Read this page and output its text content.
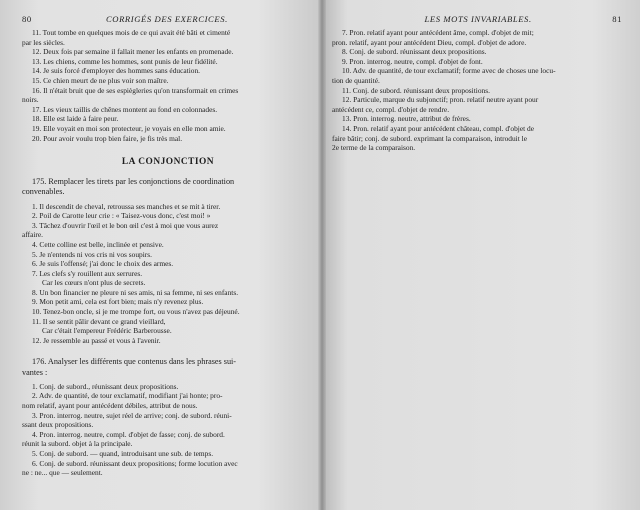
80	CORRIGÉS DES EXERCICES.
11. Tout tombe en quelques mois de ce qui avait été bâti et cimenté
par les siècles.
12. Deux fois par semaine il fallait mener les enfants en promenade.
13. Les chiens, comme les hommes, sont punis de leur fidélité.
14. Je suis forcé d'employer des hommes sans éducation.
15. Ce chien meurt de ne plus voir son maître.
16. Il n'était bruit que de ses espiègleries qu'on transformait en crimes
noirs.
17. Les vieux taillis de chênes montent au fond en colonnades.
18. Elle est laide à faire peur.
19. Elle voyait en moi son protecteur, je voyais en elle mon amie.
20. Pour avoir voulu trop bien faire, je fis très mal.
LA CONJONCTION
175. Remplacer les tirets par les conjonctions de coordination
convenables.
1. Il descendit de cheval, retroussa ses manches et se mit à tirer.
2. Poil de Carotte leur crie : « Taisez-vous donc, c'est moi! »
3. Tâchez d'ouvrir l'œil et le bon œil c'est à moi que vous aurez
affaire.
4. Cette colline est belle, inclinée et pensive.
5. Je n'entends ni vos cris ni vos soupirs.
6. Je suis l'offensé; j'ai donc le choix des armes.
7. Les clefs s'y rouillent aux serrures.
Car les cœurs n'ont plus de secrets.
8. Un bon financier ne pleure ni ses amis, ni sa femme, ni ses enfants.
9. Mon petit ami, cela est fort bien; mais n'y revenez plus.
10. Tenez-bon oncle, si je me trompe fort, ou vous n'avez pas déjeuné.
11. Il se sentit pâlir devant ce grand vieillard,
Car c'était l'empereur Frédéric Barberousse.
12. Je ressemble au passé et vous à l'avenir.
176. Analyser les différents que contenus dans les phrases sui-
vantes :
1. Conj. de subord., réunissant deux propositions.
2. Adv. de quantité, de tour exclamatif, modifiant j'ai honte; pro-
nom relatif, ayant pour antécédent débiles, attribut de nous.
3. Pron. interrog. neutre, sujet réel de arrive; conj. de subord. réuni-
ssant deux propositions.
4. Pron. interrog. neutre, compl. d'objet de fasse; conj. de subord.
réunit la subord. objet à la principale.
5. Conj. de subord. — quand, introduisant une sub. de temps.
6. Conj. de subord. réunissant deux propositions; forme locution avec
ne : ne... que — seulement.
LES MOTS INVARIABLES.	81
7. Pron. relatif ayant pour antécédent âme, compl. d'objet de mit;
pron. relatif, ayant pour antécédent Dieu, compl. d'objet de adore.
8. Conj. de subord. réunissant deux propositions.
9. Pron. interrog. neutre, compl. d'objet de font.
10. Adv. de quantité, de tour exclamatif; forme avec de choses une locu-
tion de quantité.
11. Conj. de subord. réunissant deux propositions.
12. Particule, marque du subjonctif; pron. relatif neutre ayant pour
antécédent ce, compl. d'objet de rendre.
13. Pron. interrog. neutre, attribut de frères.
14. Pron. relatif ayant pour antécédent château, compl. d'objet de
faire bâtir; conj. de subord. exprimant la comparaison, introduit le
2e terme de la comparaison.
